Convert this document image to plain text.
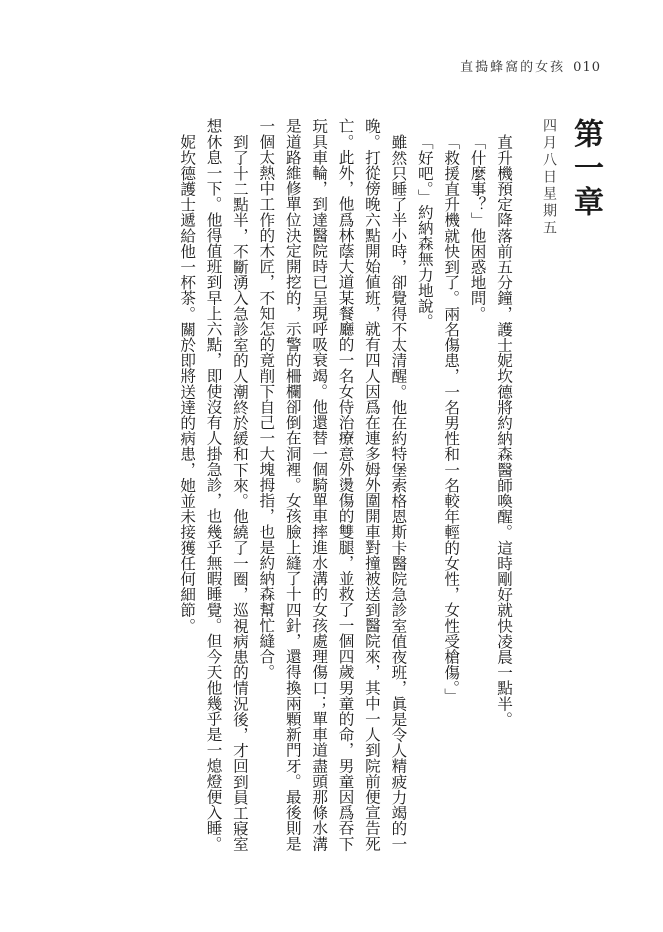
直搗蜂窩的女孩 010
第一章
四月八日星期五

直升機預定降落前五分鐘，護士妮坎德將約納森醫師喚醒。這時剛好就快凌晨一點半。

「什麼事？」他困惑地問。

「救援直升機就快到了。兩名傷患，一名男性和一名較年輕的女性，女性受槍傷。」

「好吧。」約納森無力地說。

雖然只睡了半小時，卻覺得不太清醒。他在約特堡索格恩斯卡醫院急診室值夜班，眞是令人精疲力竭的一晚。打從傍晚六點開始値班，就有四人因爲在連多姆外圍開車對撞被送到醫院來，其中一人到院前便宣告死亡。此外，他爲林蔭大道某餐廳的一名女侍治療意外燙傷的雙腿，並救了一個四歲男童的命，男童因爲吞下玩具車輪，到達醫院時已呈現呼吸衰竭。他還替一個騎單車摔進水溝的女孩處理傷口；單車道盡頭那條水溝是道路維修單位決定開挖的，示警的柵欄卻倒在洞裡。女孩臉上縫了十四針，還得換兩顆新門牙。最後則是一個太熱中工作的木匠，不知怎的竟削下自己一大塊拇指，也是約納森幫忙縫合。

到了十二點半，不斷湧入急診室的人潮終於緩和下來。他繞了一圈，巡視病患的情況後，才回到員工寢室想休息一下。他得值班到早上六點，即使沒有人掛急診，也幾乎無暇睡覺。但今天他幾乎是一熄燈便入睡。

妮坎德護士遞給他一杯茶。關於即將送達的病患，她並未接獲任何細節。
